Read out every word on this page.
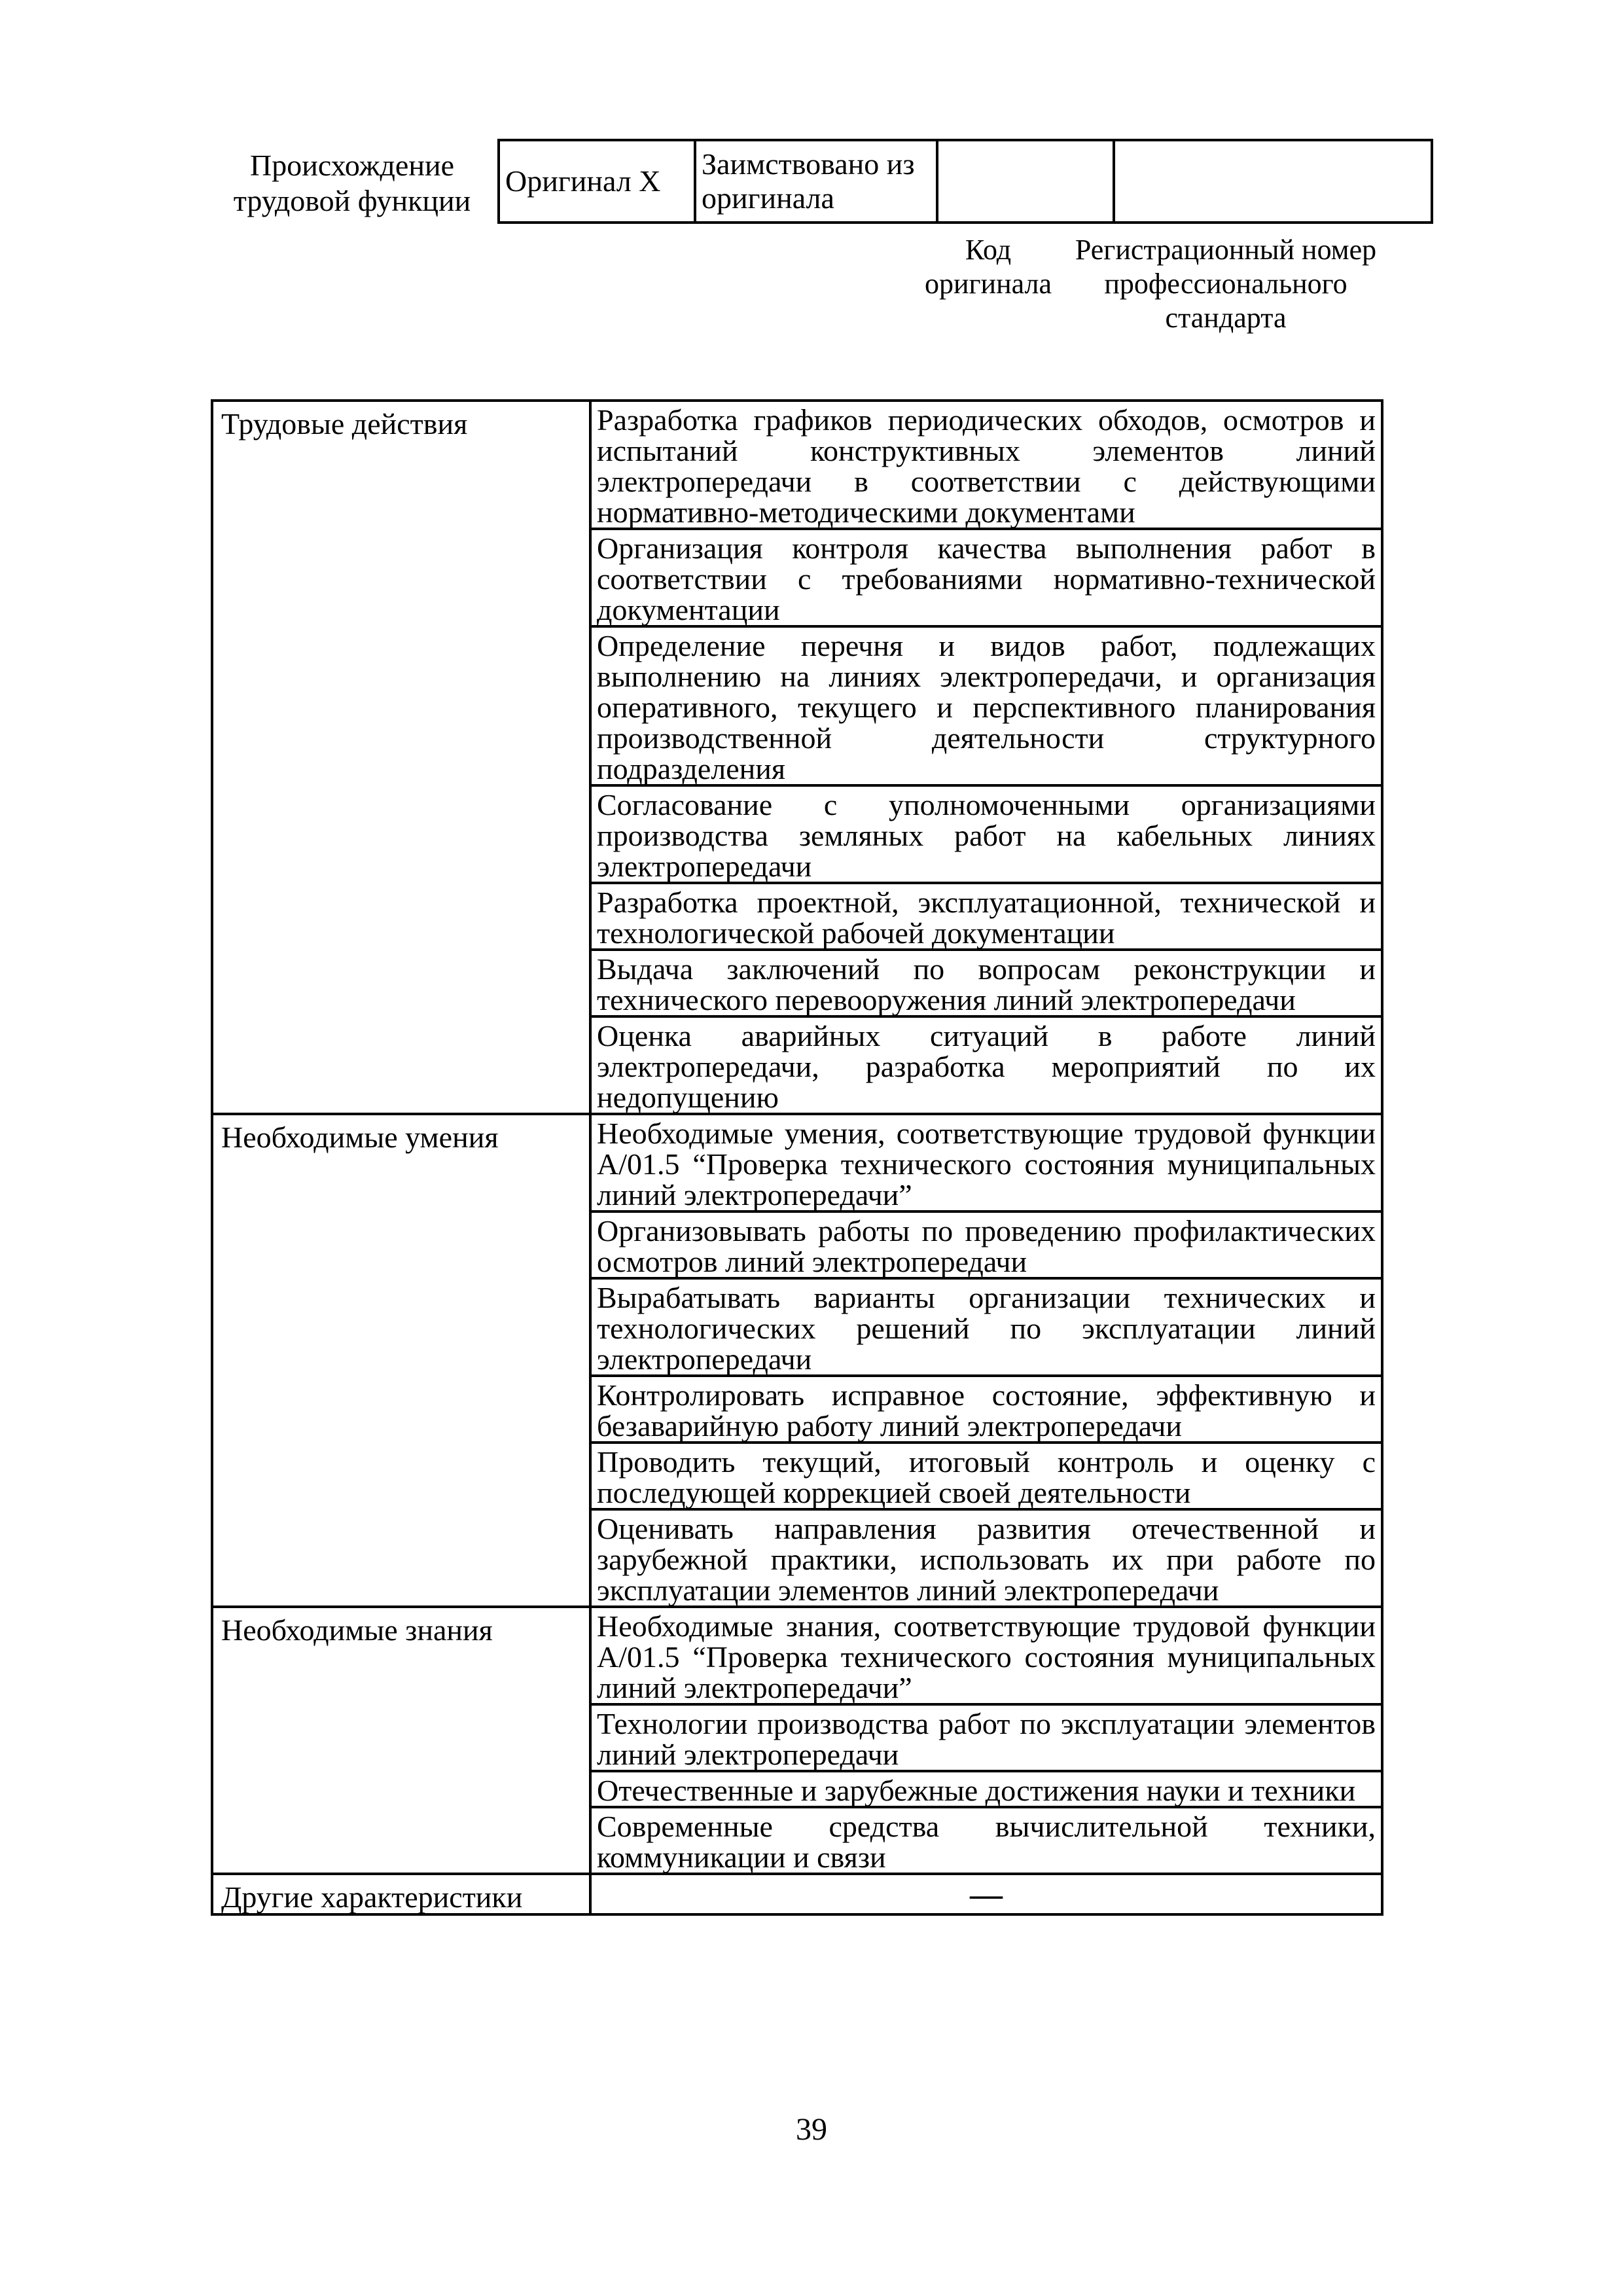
Происхождение трудовой функции
Оригинал X	Заимствовано из оригинала		
Код оригинала
Регистрационный номер профессионального стандарта
Трудовые действия	Разработка графиков периодических обходов, осмотров и испытаний конструктивных элементов линий электропередачи в соответствии с действующими нормативно-методическими документами
	Организация контроля качества выполнения работ в соответствии с требованиями нормативно-технической документации
	Определение перечня и видов работ, подлежащих выполнению на линиях электропередачи, и организация оперативного, текущего и перспективного планирования производственной деятельности структурного подразделения
	Согласование с уполномоченными организациями производства земляных работ на кабельных линиях электропередачи
	Разработка проектной, эксплуатационной, технической и технологической рабочей документации
	Выдача заключений по вопросам реконструкции и технического перевооружения линий электропередачи
	Оценка аварийных ситуаций в работе линий электропередачи, разработка мероприятий по их недопущению
Необходимые умения	Необходимые умения, соответствующие трудовой функции A/01.5 “Проверка технического состояния муниципальных линий электропередачи”
	Организовывать работы по проведению профилактических осмотров линий электропередачи
	Вырабатывать варианты организации технических и технологических решений по эксплуатации линий электропередачи
	Контролировать исправное состояние, эффективную и безаварийную работу линий электропередачи
	Проводить текущий, итоговый контроль и оценку с последующей коррекцией своей деятельности
	Оценивать направления развития отечественной и зарубежной практики, использовать их при работе по эксплуатации элементов линий электропередачи
Необходимые знания	Необходимые знания, соответствующие трудовой функции A/01.5 “Проверка технического состояния муниципальных линий электропередачи”
	Технологии производства работ по эксплуатации элементов линий электропередачи
	Отечественные и зарубежные достижения науки и техники
	Современные средства вычислительной техники, коммуникации и связи
Другие характеристики	—
39
